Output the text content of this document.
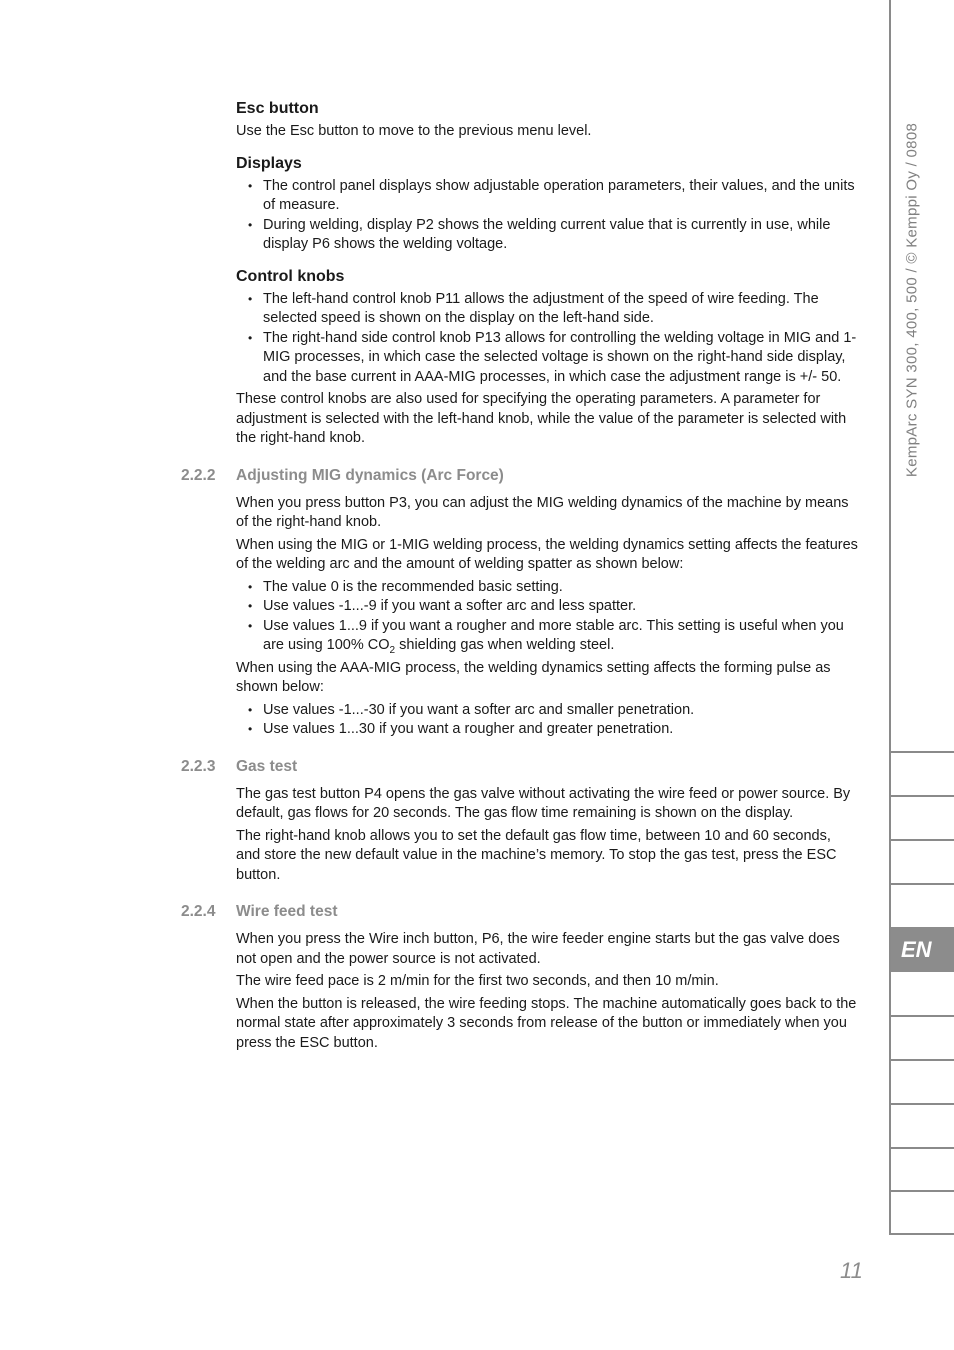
Esc button
Use the Esc button to move to the previous menu level.
Displays
• The control panel displays show adjustable operation parameters, their values, and the units of measure.
• During welding, display P2 shows the welding current value that is currently in use, while display P6 shows the welding voltage.
Control knobs
• The left-hand control knob P11 allows the adjustment of the speed of wire feeding. The selected speed is shown on the display on the left-hand side.
• The right-hand side control knob P13 allows for controlling the welding voltage in MIG and 1-MIG processes, in which case the selected voltage is shown on the right-hand side display, and the base current in AAA-MIG processes, in which case the adjustment range is +/- 50.
These control knobs are also used for specifying the operating parameters. A parameter for adjustment is selected with the left-hand knob, while the value of the parameter is selected with the right-hand knob.
2.2.2 Adjusting MIG dynamics (Arc Force)
When you press button P3, you can adjust the MIG welding dynamics of the machine by means of the right-hand knob.
When using the MIG or 1-MIG welding process, the welding dynamics setting affects the features of the welding arc and the amount of welding spatter as shown below:
• The value 0 is the recommended basic setting.
• Use values -1...-9 if you want a softer arc and less spatter.
• Use values 1...9 if you want a rougher and more stable arc. This setting is useful when you are using 100% $CO_2$ shielding gas when welding steel.
When using the AAA-MIG process, the welding dynamics setting affects the forming pulse as shown below:
• Use values -1...-30 if you want a softer arc and smaller penetration.
• Use values 1...30 if you want a rougher and greater penetration.
2.2.3 Gas test
The gas test button P4 opens the gas valve without activating the wire feed or power source. By default, gas flows for 20 seconds. The gas flow time remaining is shown on the display.
The right-hand knob allows you to set the default gas flow time, between 10 and 60 seconds, and store the new default value in the machine’s memory. To stop the gas test, press the ESC button.
2.2.4 Wire feed test
When you press the Wire inch button, P6, the wire feeder engine starts but the gas valve does not open and the power source is not activated.
The wire feed pace is 2 m/min for the first two seconds, and then 10 m/min.
When the button is released, the wire feeding stops. The machine automatically goes back to the normal state after approximately 3 seconds from release of the button or immediately when you press the ESC button.
KempArc SYN 300, 400, 500 / © Kemppi Oy / 0808
EN
11
